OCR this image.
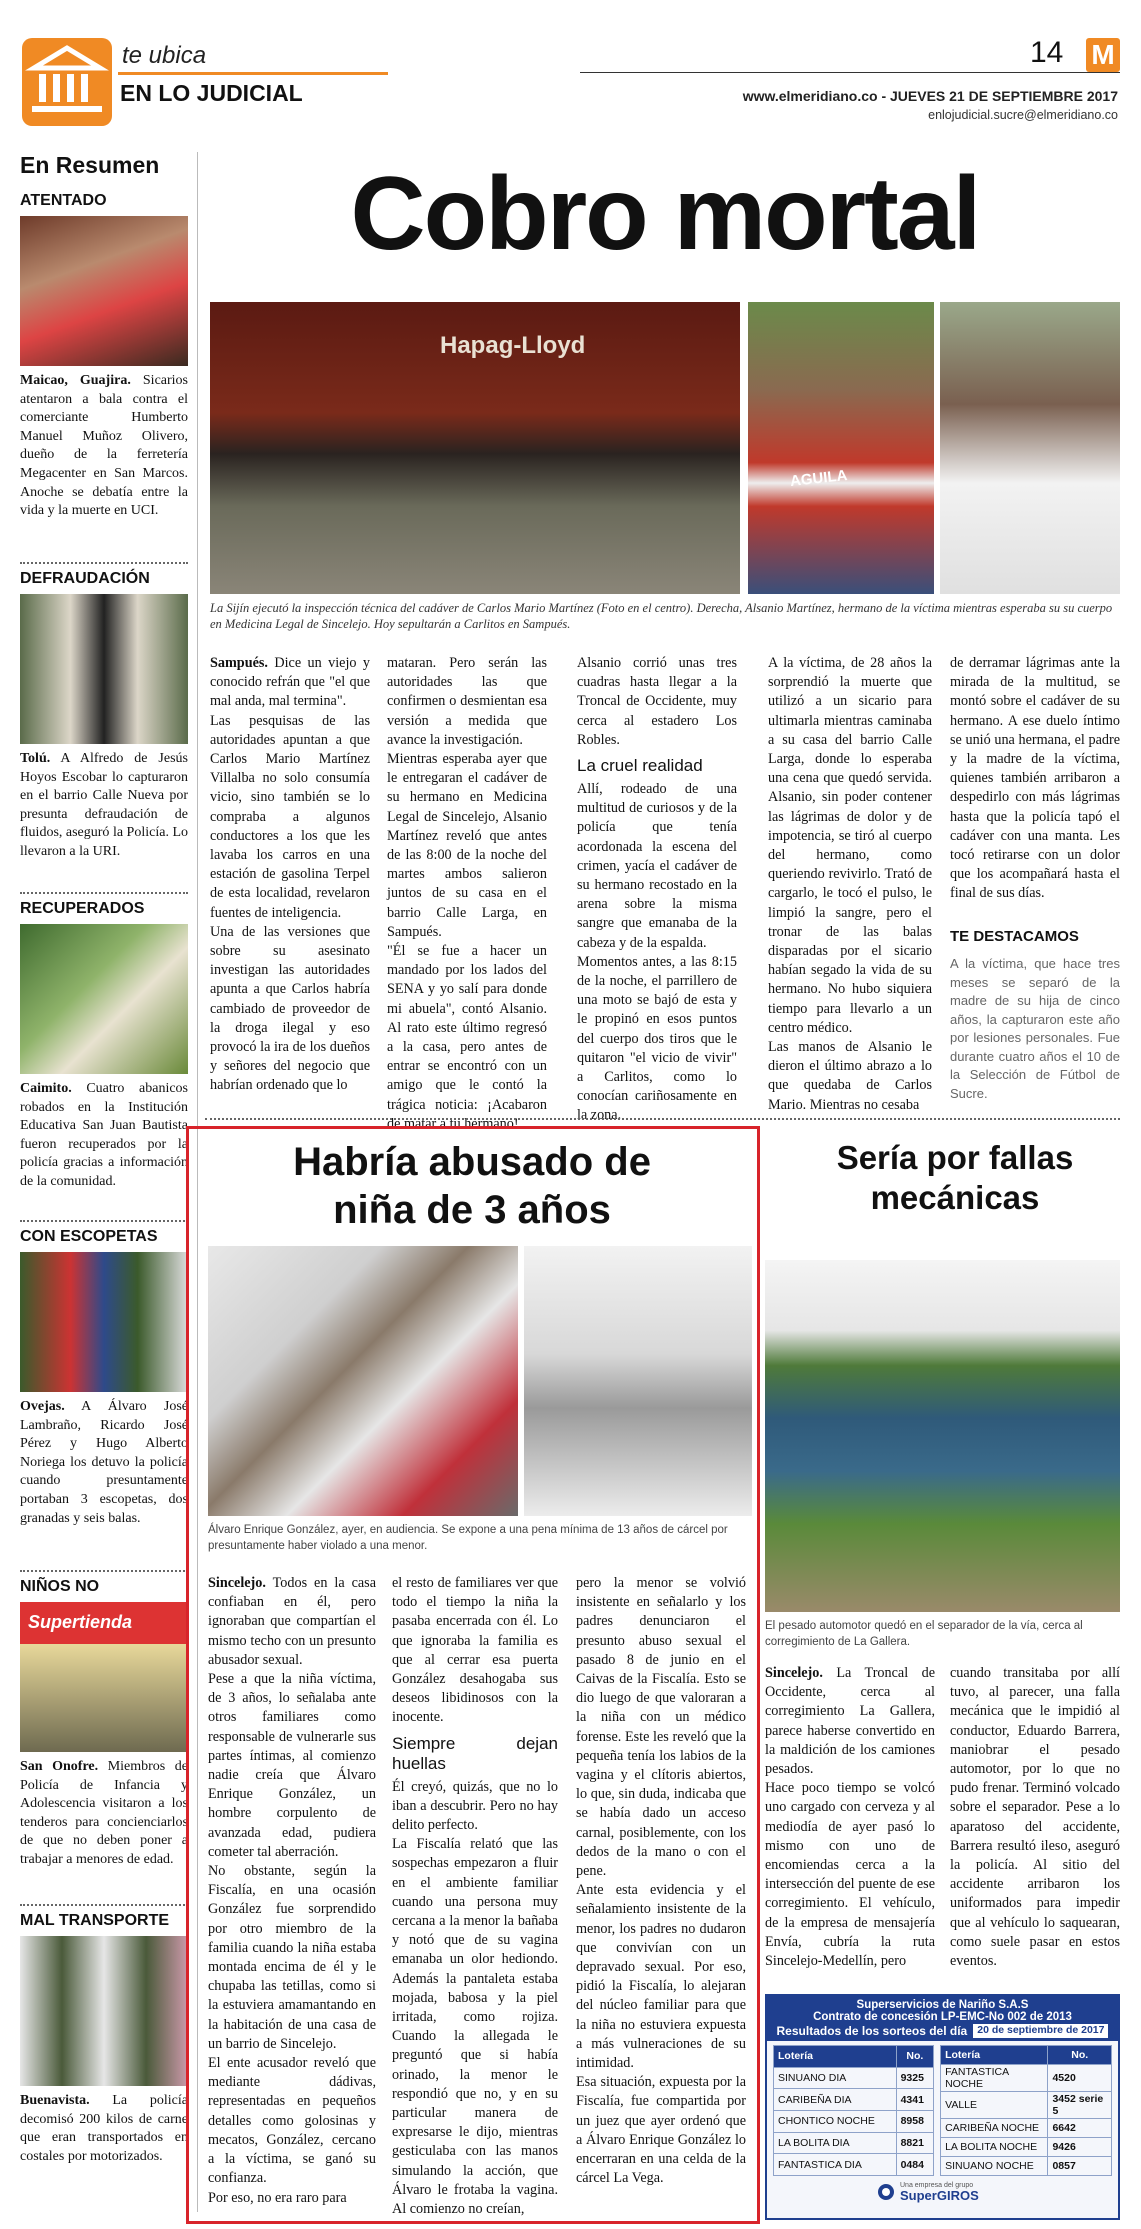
te ubica
EN LO JUDICIAL
14 M
www.elmeridiano.co - JUEVES 21 DE SEPTIEMBRE 2017
enlojudicial.sucre@elmeridiano.co
En Resumen
ATENTADO
Maicao, Guajira. Sicarios atentaron a bala contra el comerciante Humberto Manuel Muñoz Olivero, dueño de la ferretería Megacenter en San Marcos. Anoche se debatía entre la vida y la muerte en UCI.
DEFRAUDACIÓN
Tolú. A Alfredo de Jesús Hoyos Escobar lo capturaron en el barrio Calle Nueva por presunta defraudación de fluidos, aseguró la Policía. Lo llevaron a la URI.
RECUPERADOS
Caimito. Cuatro abanicos robados en la Institución Educativa San Juan Bautista fueron recuperados por la policía gracias a información de la comunidad.
CON ESCOPETAS
Ovejas. A Álvaro José Lambraño, Ricardo José Pérez y Hugo Alberto Noriega los detuvo la policía cuando presuntamente portaban 3 escopetas, dos granadas y seis balas.
NIÑOS NO
Supertienda
San Onofre. Miembros de Policía de Infancia y Adolescencia visitaron a los tenderos para concienciarlos de que no deben poner a trabajar a menores de edad.
MAL TRANSPORTE
Buenavista. La policía decomisó 200 kilos de carne que eran transportados en costales por motorizados.
Cobro mortal
Hapag-Lloyd
AGUILA
La Sijín ejecutó la inspección técnica del cadáver de Carlos Mario Martínez (Foto en el centro). Derecha, Alsanio Martínez, hermano de la víctima mientras esperaba su su cuerpo en Medicina Legal de Sincelejo. Hoy sepultarán a Carlitos en Sampués.

Sampués. Dice un viejo y conocido refrán que "el que mal anda, mal termina".

Las pesquisas de las autoridades apuntan a que Carlos Mario Martínez Villalba no solo consumía vicio, sino también se lo compraba a algunos conductores a los que les lavaba los carros en una estación de gasolina Terpel de esta localidad, revelaron fuentes de inteligencia.

Una de las versiones que sobre su asesinato investigan las autoridades apunta a que Carlos habría cambiado de proveedor de la droga ilegal y eso provocó la ira de los dueños y señores del negocio que habrían ordenado que lo

mataran. Pero serán las autoridades las que confirmen o desmientan esa versión a medida que avance la investigación.

Mientras esperaba ayer que le entregaran el cadáver de su hermano en Medicina Legal de Sincelejo, Alsanio Martínez reveló que antes de las 8:00 de la noche del martes ambos salieron juntos de su casa en el barrio Calle Larga, en Sampués.

"Él se fue a hacer un mandado por los lados del SENA y yo salí para donde mi abuela", contó Alsanio. Al rato este último regresó a la casa, pero antes de entrar se encontró con un amigo que le contó la trágica noticia: ¡Acabaron de matar a tu hermano!

Alsanio corrió unas tres cuadras hasta llegar a la Troncal de Occidente, muy cerca al estadero Los Robles.

La cruel realidad

Allí, rodeado de una multitud de curiosos y de la policía que tenía acordonada la escena del crimen, yacía el cadáver de su hermano recostado en la arena sobre la misma sangre que emanaba de la cabeza y de la espalda.

Momentos antes, a las 8:15 de la noche, el parrillero de una moto se bajó de esta y le propinó en esos puntos del cuerpo dos tiros que le quitaron "el vicio de vivir" a Carlitos, como lo conocían cariñosamente en la zona.

A la víctima, de 28 años la sorprendió la muerte que utilizó a un sicario para ultimarla mientras caminaba a su casa del barrio Calle Larga, donde lo esperaba una cena que quedó servida. Alsanio, sin poder contener las lágrimas de dolor y de impotencia, se tiró al cuerpo del hermano, como queriendo revivirlo. Trató de cargarlo, le tocó el pulso, le limpió la sangre, pero el tronar de las balas disparadas por el sicario habían segado la vida de su hermano. No hubo siquiera tiempo para llevarlo a un centro médico.

Las manos de Alsanio le dieron el último abrazo a lo que quedaba de Carlos Mario. Mientras no cesaba

de derramar lágrimas ante la mirada de la multitud, se montó sobre el cadáver de su hermano. A ese duelo íntimo se unió una hermana, el padre y la madre de la víctima, quienes también arribaron a despedirlo con más lágrimas hasta que la policía tapó el cadáver con una manta. Les tocó retirarse con un dolor que los acompañará hasta el final de sus días.

TE DESTACAMOS
A la víctima, que hace tres meses se separó de la madre de su hija de cinco años, la capturaron este año por lesiones personales. Fue durante cuatro años el 10 de la Selección de Fútbol de Sucre.
Habría abusado de niña de 3 años
Álvaro Enrique González, ayer, en audiencia. Se expone a una pena mínima de 13 años de cárcel por presuntamente haber violado a una menor.

Sincelejo. Todos en la casa confiaban en él, pero ignoraban que compartían el mismo techo con un presunto abusador sexual.

Pese a que la niña víctima, de 3 años, lo señalaba ante otros familiares como responsable de vulnerarle sus partes íntimas, al comienzo nadie creía que Álvaro Enrique González, un hombre corpulento de avanzada edad, pudiera cometer tal aberración.

No obstante, según la Fiscalía, en una ocasión González fue sorprendido por otro miembro de la familia cuando la niña estaba montada encima de él y le chupaba las tetillas, como si la estuviera amamantando en la habitación de una casa de un barrio de Sincelejo.

El ente acusador reveló que mediante dádivas, representadas en pequeños detalles como golosinas y mecatos, González, cercano a la víctima, se ganó su confianza.

Por eso, no era raro para

el resto de familiares ver que todo el tiempo la niña la pasaba encerrada con él. Lo que ignoraba la familia es que al cerrar esa puerta González desahogaba sus deseos libidinosos con la inocente.

Siempre dejan huellas

Él creyó, quizás, que no lo iban a descubrir. Pero no hay delito perfecto.

La Fiscalía relató que las sospechas empezaron a fluir en el ambiente familiar cuando una persona muy cercana a la menor la bañaba y notó que de su vagina emanaba un olor hediondo. Además la pantaleta estaba mojada, babosa y la piel irritada, como rojiza. Cuando la allegada le preguntó que si había orinado, la menor le respondió que no, y en su particular manera de expresarse le dijo, mientras gesticulaba con las manos simulando la acción, que Álvaro le frotaba la vagina. Al comienzo no creían,

pero la menor se volvió insistente en señalarlo y los padres denunciaron el presunto abuso sexual el pasado 8 de junio en el Caivas de la Fiscalía. Esto se dio luego de que valoraran a la niña con un médico forense. Este les reveló que la pequeña tenía los labios de la vagina y el clítoris abiertos, lo que, sin duda, indicaba que se había dado un acceso carnal, posiblemente, con los dedos de la mano o con el pene.

Ante esta evidencia y el señalamiento insistente de la menor, los padres no dudaron que convivían con un depravado sexual. Por eso, pidió la Fiscalía, lo alejaran del núcleo familiar para que la niña no estuviera expuesta a más vulneraciones de su intimidad.

Esa situación, expuesta por la Fiscalía, fue compartida por un juez que ayer ordenó que a Álvaro Enrique González lo encerraran en una celda de la cárcel La Vega.

Sería por fallas mecánicas
El pesado automotor quedó en el separador de la vía, cerca al corregimiento de La Gallera.

Sincelejo. La Troncal de Occidente, cerca al corregimiento La Gallera, parece haberse convertido en la maldición de los camiones pesados.

Hace poco tiempo se volcó uno cargado con cerveza y al mediodía de ayer pasó lo mismo con uno de encomiendas cerca a la intersección del puente de ese corregimiento. El vehículo, de la empresa de mensajería Envía, cubría la ruta Sincelejo-Medellín, pero

cuando transitaba por allí tuvo, al parecer, una falla mecánica que le impidió al conductor, Eduardo Barrera, maniobrar el pesado automotor, por lo que no pudo frenar. Terminó volcado sobre el separador. Pese a lo aparatoso del accidente, Barrera resultó ileso, aseguró la policía. Al sitio del accidente arribaron los uniformados para impedir que al vehículo lo saquearan, como suele pasar en estos eventos.

Superservicios de Nariño S.A.S
Contrato de concesión LP-EMC-No 002 de 2013
Resultados de los sorteos del día 20 de septiembre de 2017
Lotería	No.
SINUANO DIA	9325
CARIBEÑA DIA	4341
CHONTICO NOCHE	8958
LA BOLITA DIA	8821
FANTASTICA DIA	0484
Lotería	No.
FANTASTICA NOCHE	4520
VALLE	3452 serie 5
CARIBEÑA NOCHE	6642
LA BOLITA NOCHE	9426
SINUANO NOCHE	0857
Una empresa del grupo
SuperGIROS
